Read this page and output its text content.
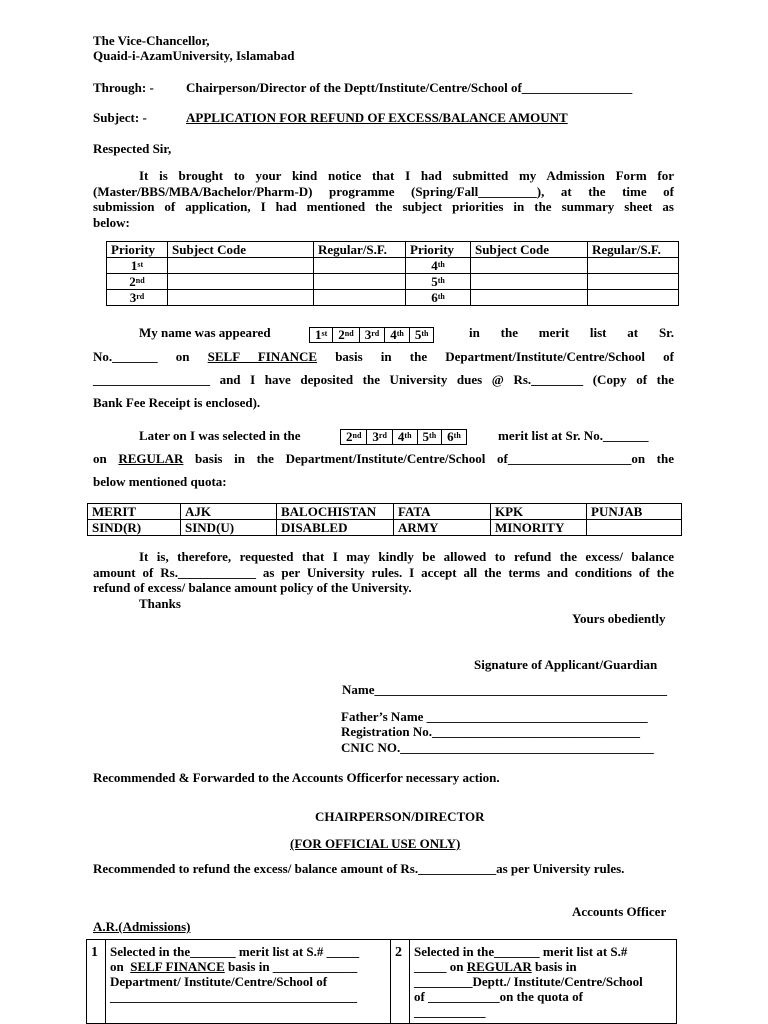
The Vice-Chancellor,
Quaid-i-AzamUniversity, Islamabad
Through: - Chairperson/Director of the Deptt/Institute/Centre/School of_________________
Subject: -	APPLICATION FOR REFUND OF EXCESS/BALANCE AMOUNT
Respected Sir,
It is brought to your kind notice that I had submitted my Admission Form for
(Master/BBS/MBA/Bachelor/Pharm-D) programme (Spring/Fall_________), at the time of
submission of application, I had mentioned the subject priorities in the summary sheet as
below:
Priority	Subject Code	Regular/S.F.	Priority	Subject Code	Regular/S.F.
1st			4th		
2nd			5th		
3rd			6th		
My name was appeared	1st 2nd 3rd 4th 5th	in the merit list at Sr.
No._______ on SELF FINANCE basis in the Department/Institute/Centre/School of
__________________ and I have deposited the University dues @ Rs.________ (Copy of the
Bank Fee Receipt is enclosed).
Later on I was selected in the	2nd 3rd 4th 5th 6th	merit list at Sr. No._______
on REGULAR basis in the Department/Institute/Centre/School of___________________on the
below mentioned quota:
MERIT	AJK	BALOCHISTAN	FATA	KPK	PUNJAB
SIND(R)	SIND(U)	DISABLED	ARMY	MINORITY	
It is, therefore, requested that I may kindly be allowed to refund the excess/ balance
amount of Rs.____________ as per University rules. I accept all the terms and conditions of the
refund of excess/ balance amount policy of the University.
Thanks
Yours obediently
Signature of Applicant/Guardian
Name_____________________________________________
Father’s Name __________________________________
Registration No.________________________________
CNIC NO._______________________________________
Recommended & Forwarded to the Accounts Officerfor necessary action.
CHAIRPERSON/DIRECTOR
(FOR OFFICIAL USE ONLY)
Recommended to refund the excess/ balance amount of Rs.____________as per University rules.
Accounts Officer
A.R.(Admissions)
1	Selected in the_______ merit list at S.# _____
on SELF FINANCE basis in _____________
Department/ Institute/Centre/School of
______________________________________

	2	Selected in the_______ merit list at S.#
_____ on REGULAR basis in
_________Deptt./ Institute/Centre/School
of ___________on the quota of
___________
